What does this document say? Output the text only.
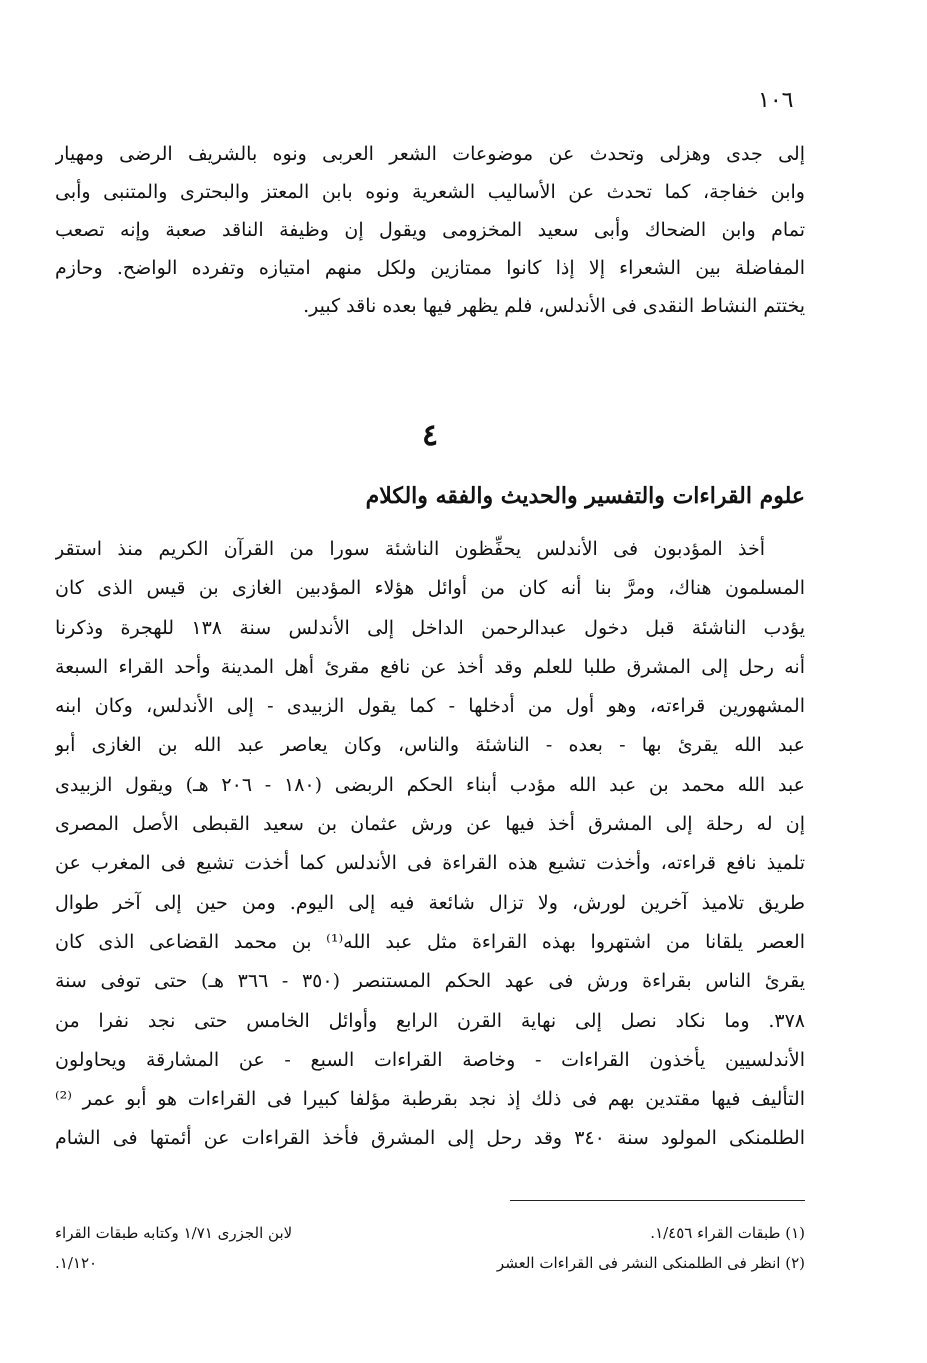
١٠٦
إلى جدى وهزلى وتحدث عن موضوعات الشعر العربى ونوه بالشريف الرضى ومهيار
وابن خفاجة، كما تحدث عن الأساليب الشعرية ونوه بابن المعتز والبحترى والمتنبى وأبى
تمام وابن الضحاك وأبى سعيد المخزومى ويقول إن وظيفة الناقد صعبة وإنه تصعب
المفاضلة بين الشعراء إلا إذا كانوا ممتازين ولكل منهم امتيازه وتفرده الواضح. وحازم
يختتم النشاط النقدى فى الأندلس، فلم يظهر فيها بعده ناقد كبير.
٤
علوم القراءات والتفسير والحديث والفقه والكلام
أخذ المؤدبون فى الأندلس يحفِّظون الناشئة سورا من القرآن الكريم منذ استقر
المسلمون هناك، ومرَّ بنا أنه كان من أوائل هؤلاء المؤدبين الغازى بن قيس الذى كان
يؤدب الناشئة قبل دخول عبدالرحمن الداخل إلى الأندلس سنة ١٣٨ للهجرة وذكرنا
أنه رحل إلى المشرق طلبا للعلم وقد أخذ عن نافع مقرئ أهل المدينة وأحد القراء السبعة
المشهورين قراءته، وهو أول من أدخلها - كما يقول الزبيدى - إلى الأندلس، وكان ابنه
عبد الله يقرئ بها - بعده - الناشئة والناس، وكان يعاصر عبد الله بن الغازى أبو
عبد الله محمد بن عبد الله مؤدب أبناء الحكم الربضى (١٨٠ - ٢٠٦ هـ) ويقول الزبيدى
إن له رحلة إلى المشرق أخذ فيها عن ورش عثمان بن سعيد القبطى الأصل المصرى
تلميذ نافع قراءته، وأخذت تشيع هذه القراءة فى الأندلس كما أخذت تشيع فى المغرب عن
طريق تلاميذ آخرين لورش، ولا تزال شائعة فيه إلى اليوم. ومن حين إلى آخر طوال
العصر يلقانا من اشتهروا بهذه القراءة مثل عبد الله⁽¹⁾ بن محمد القضاعى الذى كان
يقرئ الناس بقراءة ورش فى عهد الحكم المستنصر (٣٥٠ - ٣٦٦ هـ) حتى توفى سنة
٣٧٨. وما نكاد نصل إلى نهاية القرن الرابع وأوائل الخامس حتى نجد نفرا من
الأندلسيين يأخذون القراءات - وخاصة القراءات السبع - عن المشارقة ويحاولون
التأليف فيها مقتدين بهم فى ذلك إذ نجد بقرطبة مؤلفا كبيرا فى القراءات هو أبو عمر ⁽²⁾
الطلمنكى المولود سنة ٣٤٠ وقد رحل إلى المشرق فأخذ القراءات عن أئمتها فى الشام
(١) طبقات القراء ١/٤٥٦.
لابن الجزرى ١/٧١ وكتابه طبقات القراء
(٢) انظر فى الطلمنكى النشر فى القراءات العشر
١/١٢٠.
